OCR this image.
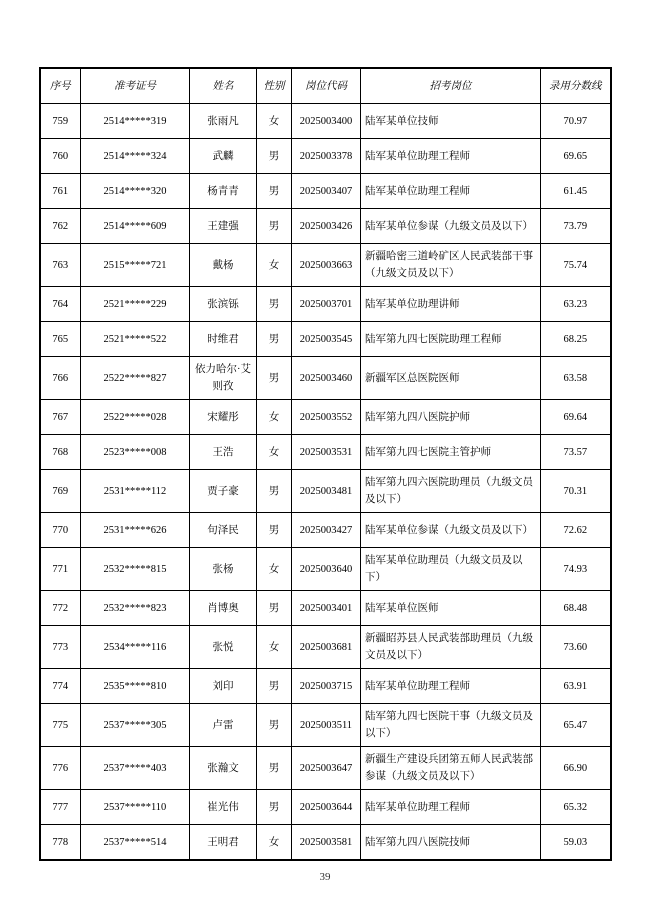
序号	准考证号	姓名	性别	岗位代码	招考岗位	录用分数线
759	2514*****319	张雨凡	女	2025003400	陆军某单位技师	70.97
760	2514*****324	武麟	男	2025003378	陆军某单位助理工程师	69.65
761	2514*****320	杨青青	男	2025003407	陆军某单位助理工程师	61.45
762	2514*****609	王建强	男	2025003426	陆军某单位参谋（九级文员及以下）	73.79
763	2515*****721	戴杨	女	2025003663	新疆哈密三道岭矿区人民武装部干事（九级文员及以下）	75.74
764	2521*****229	张滨铄	男	2025003701	陆军某单位助理讲师	63.23
765	2521*****522	时维君	男	2025003545	陆军第九四七医院助理工程师	68.25
766	2522*****827	依力哈尔·艾则孜	男	2025003460	新疆军区总医院医师	63.58
767	2522*****028	宋耀彤	女	2025003552	陆军第九四八医院护师	69.64
768	2523*****008	王浩	女	2025003531	陆军第九四七医院主管护师	73.57
769	2531*****112	贾子豪	男	2025003481	陆军第九四六医院助理员（九级文员及以下）	70.31
770	2531*****626	句泽民	男	2025003427	陆军某单位参谋（九级文员及以下）	72.62
771	2532*****815	张杨	女	2025003640	陆军某单位助理员（九级文员及以下）	74.93
772	2532*****823	肖博奥	男	2025003401	陆军某单位医师	68.48
773	2534*****116	张悦	女	2025003681	新疆昭苏县人民武装部助理员（九级文员及以下）	73.60
774	2535*****810	刘印	男	2025003715	陆军某单位助理工程师	63.91
775	2537*****305	卢雷	男	2025003511	陆军第九四七医院干事（九级文员及以下）	65.47
776	2537*****403	张瀚文	男	2025003647	新疆生产建设兵团第五师人民武装部参谋（九级文员及以下）	66.90
777	2537*****110	崔光伟	男	2025003644	陆军某单位助理工程师	65.32
778	2537*****514	王明君	女	2025003581	陆军第九四八医院技师	59.03
39
